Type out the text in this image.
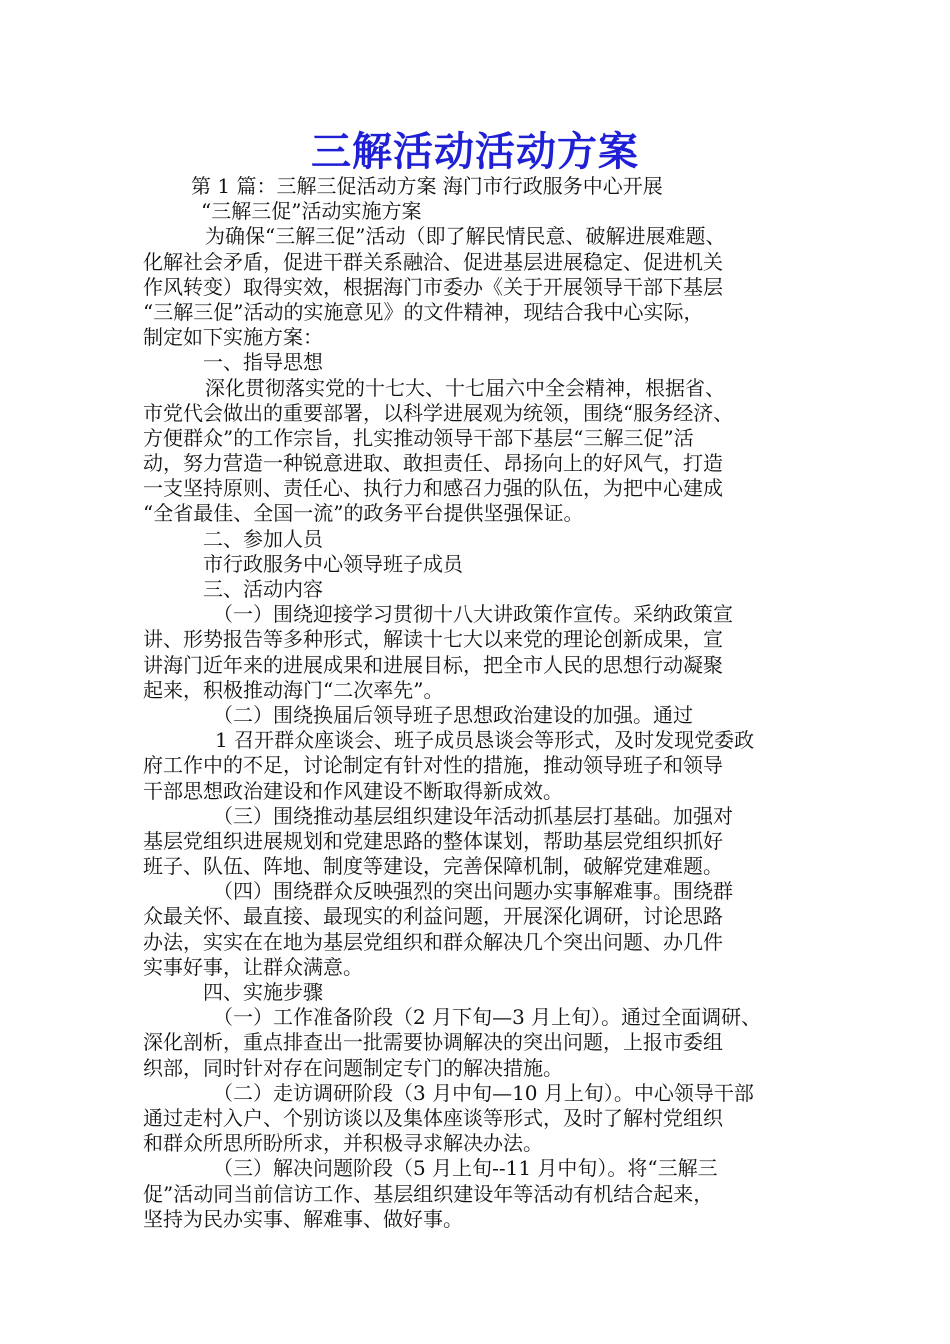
三解活动活动方案
第 1 篇：三解三促活动方案 海门市行政服务中心开展
“三解三促”活动实施方案
为确保“三解三促”活动（即了解民情民意、破解进展难题、
化解社会矛盾，促进干群关系融洽、促进基层进展稳定、促进机关
作风转变）取得实效，根据海门市委办《关于开展领导干部下基层
“三解三促”活动的实施意见》的文件精神，现结合我中心实际，
制定如下实施方案：
一、指导思想
深化贯彻落实党的十七大、十七届六中全会精神，根据省、
市党代会做出的重要部署，以科学进展观为统领，围绕“服务经济、
方便群众”的工作宗旨，扎实推动领导干部下基层“三解三促”活
动，努力营造一种锐意进取、敢担责任、昂扬向上的好风气，打造
一支坚持原则、责任心、执行力和感召力强的队伍，为把中心建成
“全省最佳、全国一流”的政务平台提供坚强保证。
二、参加人员
市行政服务中心领导班子成员
三、活动内容
（一）围绕迎接学习贯彻十八大讲政策作宣传。采纳政策宣
讲、形势报告等多种形式，解读十七大以来党的理论创新成果，宣
讲海门近年来的进展成果和进展目标，把全市人民的思想行动凝聚
起来，积极推动海门“二次率先”。
（二）围绕换届后领导班子思想政治建设的加强。通过
1 召开群众座谈会、班子成员恳谈会等形式，及时发现党委政
府工作中的不足，讨论制定有针对性的措施，推动领导班子和领导
干部思想政治建设和作风建设不断取得新成效。
（三）围绕推动基层组织建设年活动抓基层打基础。加强对
基层党组织进展规划和党建思路的整体谋划，帮助基层党组织抓好
班子、队伍、阵地、制度等建设，完善保障机制，破解党建难题。
（四）围绕群众反映强烈的突出问题办实事解难事。围绕群
众最关怀、最直接、最现实的利益问题，开展深化调研，讨论思路
办法，实实在在地为基层党组织和群众解决几个突出问题、办几件
实事好事，让群众满意。
四、实施步骤
（一）工作准备阶段（2 月下旬—3 月上旬）。通过全面调研、
深化剖析，重点排查出一批需要协调解决的突出问题，上报市委组
织部，同时针对存在问题制定专门的解决措施。
（二）走访调研阶段（3 月中旬—10 月上旬）。中心领导干部
通过走村入户、个别访谈以及集体座谈等形式，及时了解村党组织
和群众所思所盼所求，并积极寻求解决办法。
（三）解决问题阶段（5 月上旬--11 月中旬）。将“三解三
促”活动同当前信访工作、基层组织建设年等活动有机结合起来，
坚持为民办实事、解难事、做好事。
